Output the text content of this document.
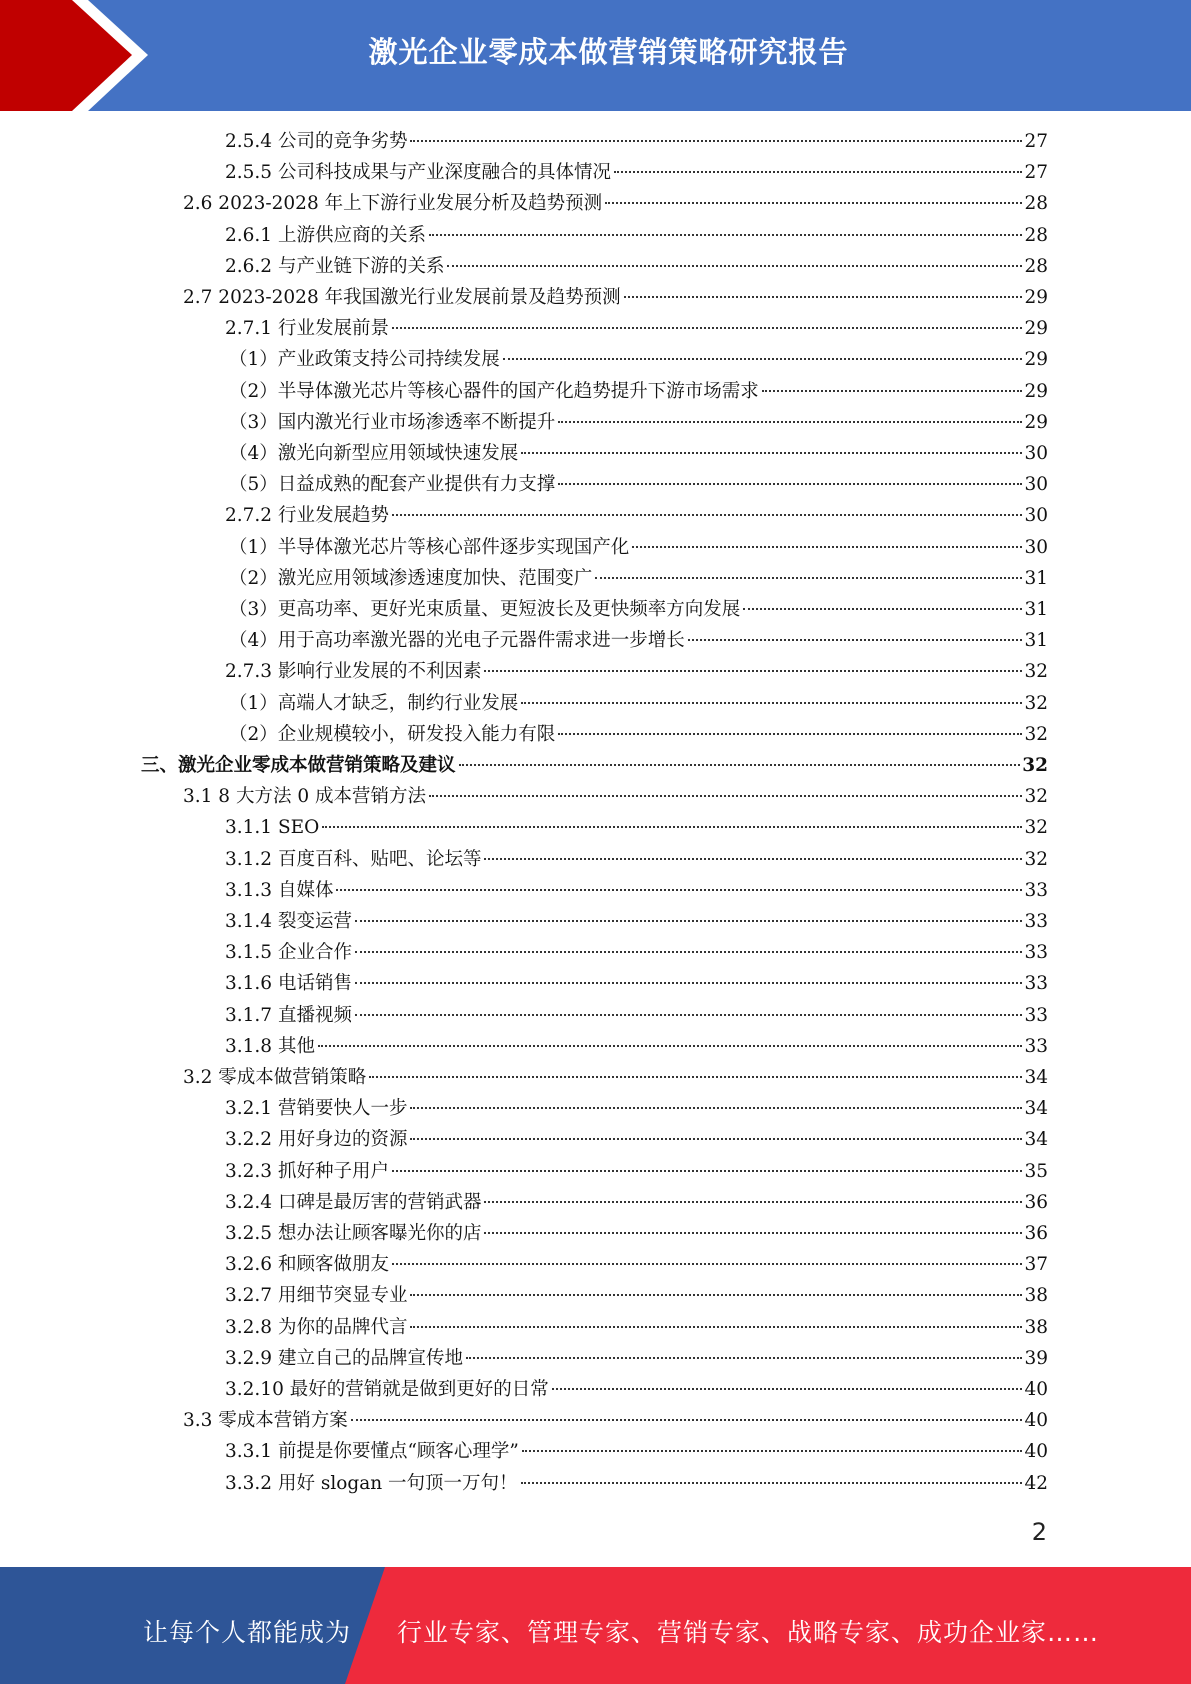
激光企业零成本做营销策略研究报告
2.5.4 公司的竞争劣势	27
2.5.5 公司科技成果与产业深度融合的具体情况	27
2.6 2023-2028 年上下游行业发展分析及趋势预测	28
2.6.1 上游供应商的关系	28
2.6.2 与产业链下游的关系	28
2.7 2023-2028 年我国激光行业发展前景及趋势预测	29
2.7.1 行业发展前景	29
（1）产业政策支持公司持续发展	29
（2）半导体激光芯片等核心器件的国产化趋势提升下游市场需求	29
（3）国内激光行业市场渗透率不断提升	29
（4）激光向新型应用领域快速发展	30
（5）日益成熟的配套产业提供有力支撑	30
2.7.2 行业发展趋势	30
（1）半导体激光芯片等核心部件逐步实现国产化	30
（2）激光应用领域渗透速度加快、范围变广	31
（3）更高功率、更好光束质量、更短波长及更快频率方向发展	31
（4）用于高功率激光器的光电子元器件需求进一步增长	31
2.7.3 影响行业发展的不利因素	32
（1）高端人才缺乏，制约行业发展	32
（2）企业规模较小，研发投入能力有限	32
三、激光企业零成本做营销策略及建议	32
3.1 8 大方法 0 成本营销方法	32
3.1.1 SEO	32
3.1.2 百度百科、贴吧、论坛等	32
3.1.3 自媒体	33
3.1.4 裂变运营	33
3.1.5 企业合作	33
3.1.6 电话销售	33
3.1.7 直播视频	33
3.1.8 其他	33
3.2 零成本做营销策略	34
3.2.1 营销要快人一步	34
3.2.2 用好身边的资源	34
3.2.3 抓好种子用户	35
3.2.4 口碑是最厉害的营销武器	36
3.2.5 想办法让顾客曝光你的店	36
3.2.6 和顾客做朋友	37
3.2.7 用细节突显专业	38
3.2.8 为你的品牌代言	38
3.2.9 建立自己的品牌宣传地	39
3.2.10 最好的营销就是做到更好的日常	40
3.3 零成本营销方案	40
3.3.1 前提是你要懂点“顾客心理学”	40
3.3.2 用好 slogan 一句顶一万句！	42
2
让每个人都能成为 行业专家、管理专家、营销专家、战略专家、成功企业家……
